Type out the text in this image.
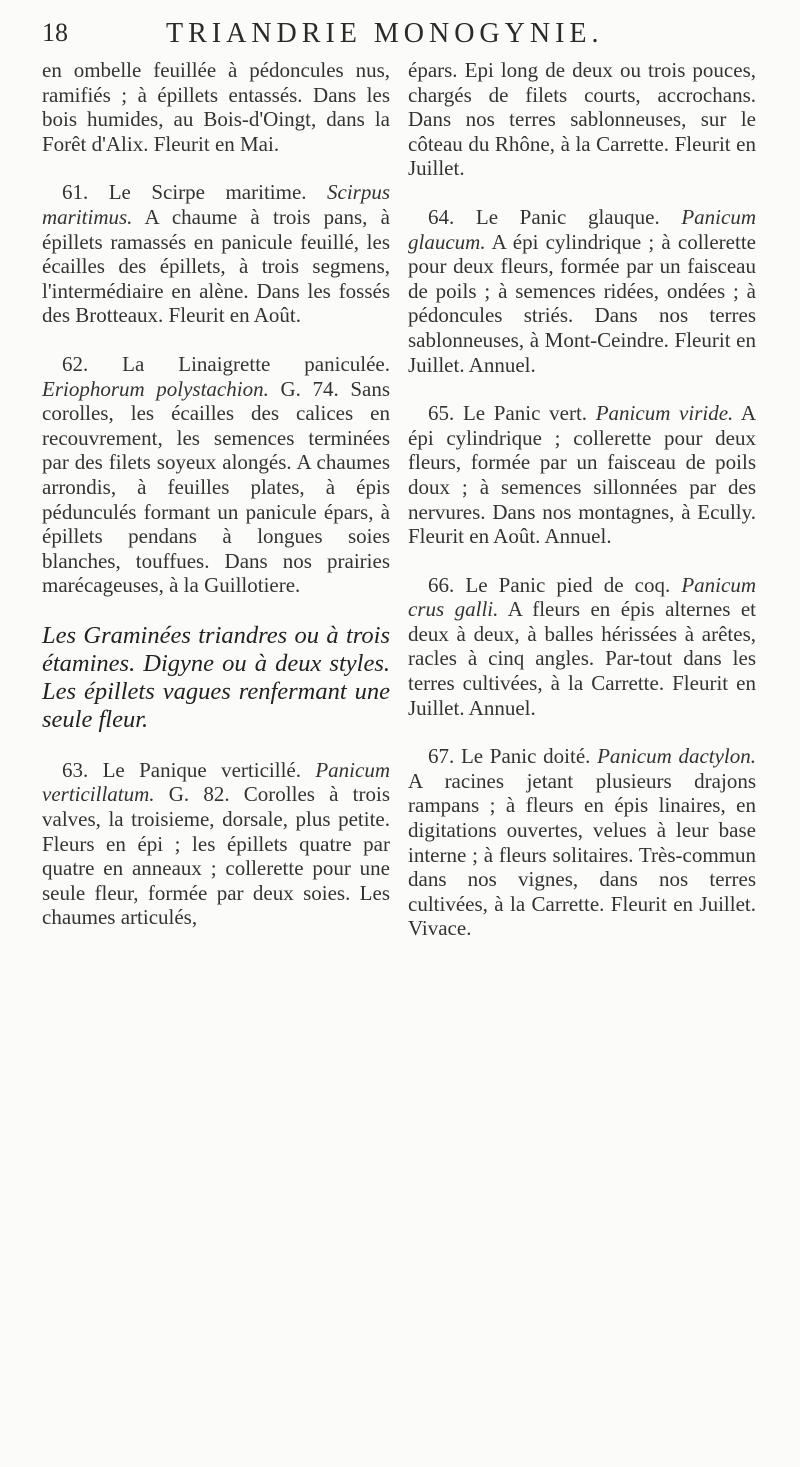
18	TRIANDRIE MONOGYNIE.

en ombelle feuillée à pédoncules nus, ramifiés ; à épillets entassés. Dans les bois humides, au Bois-d'Oingt, dans la Forêt d'Alix. Fleurit en Mai.

61. Le Scirpe maritime. Scirpus maritimus. A chaume à trois pans, à épillets ramassés en panicule feuillé, les écailles des épillets, à trois segmens, l'intermédiaire en alène. Dans les fossés des Brotteaux. Fleurit en Août.

62. La Linaigrette paniculée. Eriophorum polystachion. G. 74. Sans corolles, les écailles des calices en recouvrement, les semences terminées par des filets soyeux alongés. A chaumes arrondis, à feuilles plates, à épis pédunculés formant un panicule épars, à épillets pendans à longues soies blanches, touffues. Dans nos prairies marécageuses, à la Guillotiere.

Les Graminées triandres ou à trois étamines. Digyne ou à deux styles. Les épillets vagues renfermant une seule fleur.

63. Le Panique verticillé. Panicum verticillatum. G. 82. Corolles à trois valves, la troisieme, dorsale, plus petite. Fleurs en épi ; les épillets quatre par quatre en anneaux ; collerette pour une seule fleur, formée par deux soies. Les chaumes articulés,

épars. Epi long de deux ou trois pouces, chargés de filets courts, accrochans. Dans nos terres sablonneuses, sur le côteau du Rhône, à la Carrette. Fleurit en Juillet.

64. Le Panic glauque. Panicum glaucum. A épi cylindrique ; à collerette pour deux fleurs, formée par un faisceau de poils ; à semences ridées, ondées ; à pédoncules striés. Dans nos terres sablonneuses, à Mont-Ceindre. Fleurit en Juillet. Annuel.

65. Le Panic vert. Panicum viride. A épi cylindrique ; collerette pour deux fleurs, formée par un faisceau de poils doux ; à semences sillonnées par des nervures. Dans nos montagnes, à Ecully. Fleurit en Août. Annuel.

66. Le Panic pied de coq. Panicum crus galli. A fleurs en épis alternes et deux à deux, à balles hérissées à arêtes, racles à cinq angles. Par-tout dans les terres cultivées, à la Carrette. Fleurit en Juillet. Annuel.

67. Le Panic doité. Panicum dactylon. A racines jetant plusieurs drajons rampans ; à fleurs en épis linaires, en digitations ouvertes, velues à leur base interne ; à fleurs solitaires. Très-commun dans nos vignes, dans nos terres cultivées, à la Carrette. Fleurit en Juillet. Vivace.
